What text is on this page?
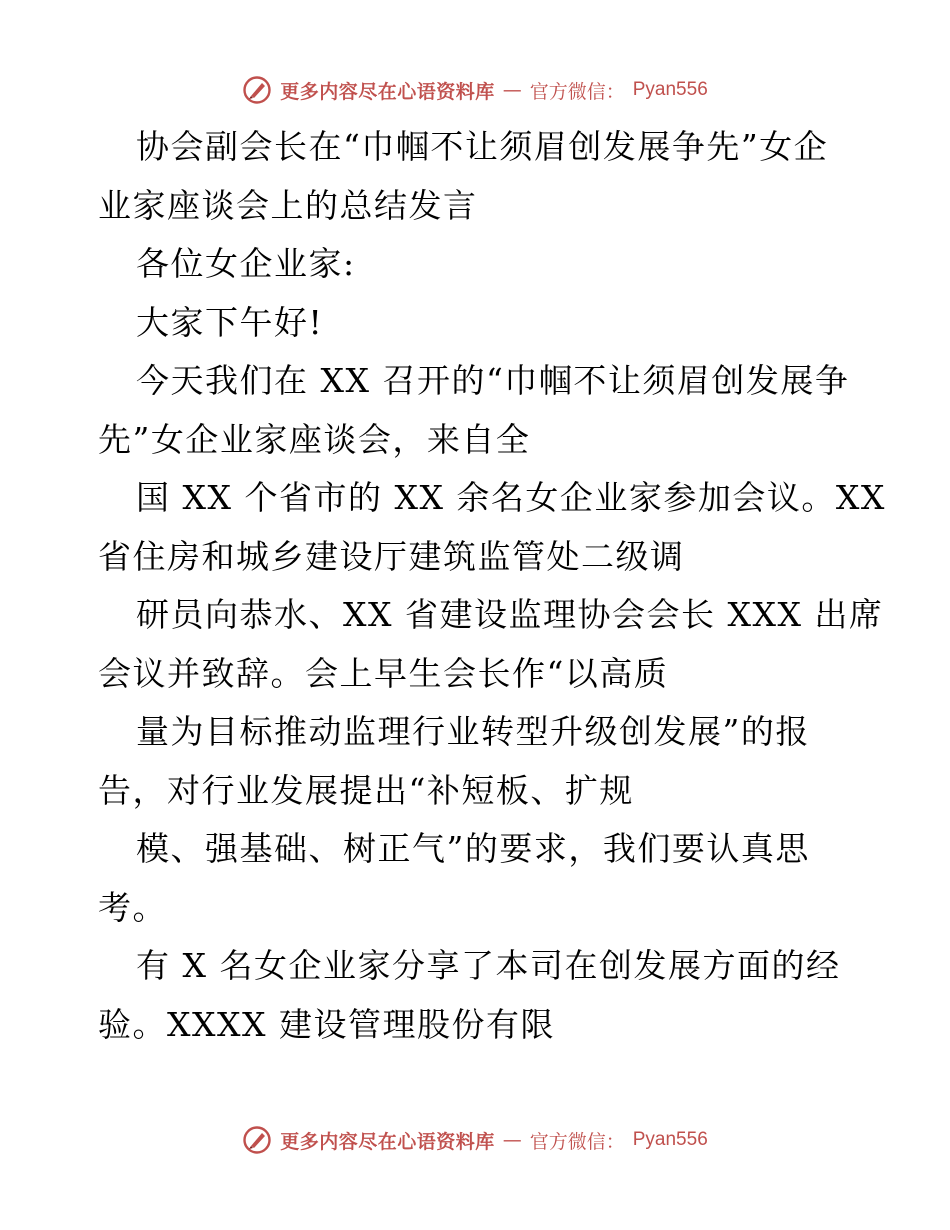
更多内容尽在心语资料库 — 官方微信： Pyan556
协会副会长在“巾帼不让须眉创发展争先”女企
业家座谈会上的总结发言
各位女企业家:
大家下午好!
今天我们在 XX 召开的“巾帼不让须眉创发展争
先”女企业家座谈会，来自全
国 XX 个省市的 XX 余名女企业家参加会议。XX
省住房和城乡建设厅建筑监管处二级调
研员向恭水、XX 省建设监理协会会长 XXX 出席
会议并致辞。会上早生会长作“以高质
量为目标推动监理行业转型升级创发展”的报
告，对行业发展提出“补短板、扩规
模、强基础、树正气”的要求，我们要认真思
考。
有 X 名女企业家分享了本司在创发展方面的经
验。XXXX 建设管理股份有限
更多内容尽在心语资料库 — 官方微信： Pyan556
